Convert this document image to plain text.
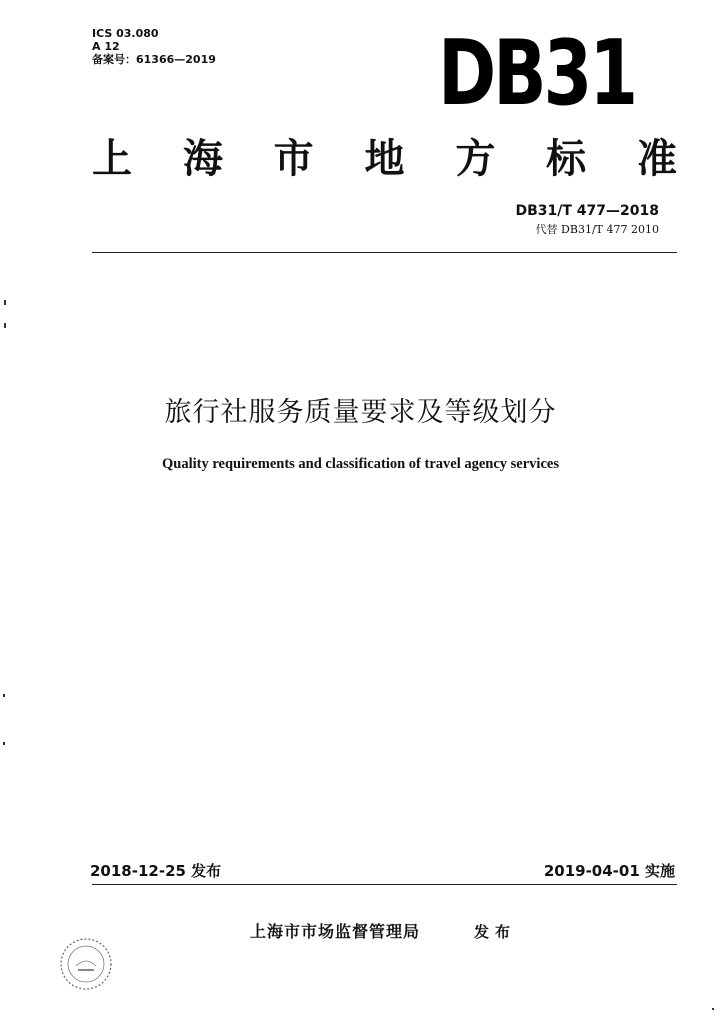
ICS 03.080
A 12
备案号：61366—2019 DB31
上 海 市 地 方 标 准
DB31/T 477—2018
代替 DB31/T 477 2010
旅行社服务质量要求及等级划分
Quality requirements and classification of travel agency services
2018-12-25 发布	2019-04-01 实施
上海市市场监督管理局	发布
